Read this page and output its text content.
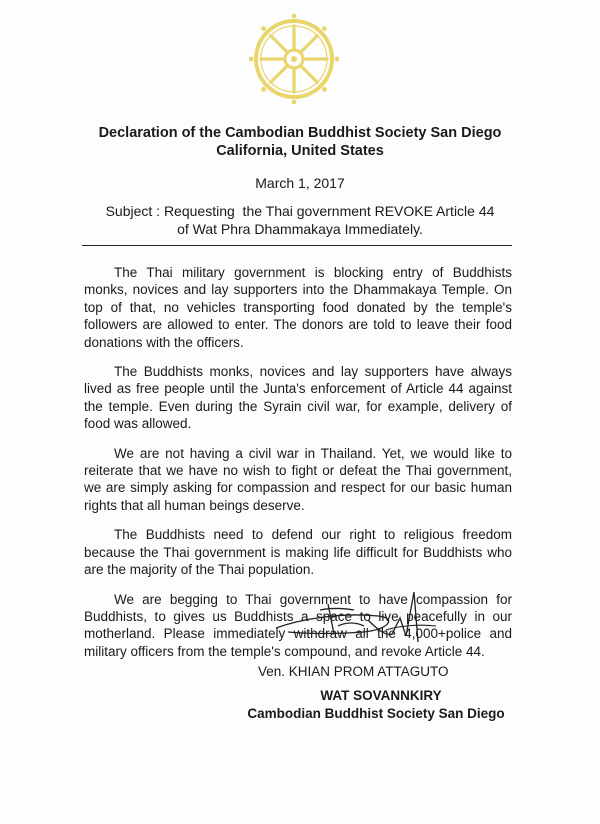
Declaration of the Cambodian Buddhist Society San Diego
California, United States
March 1, 2017
Subject : Requesting  the Thai government REVOKE Article 44
of Wat Phra Dhammakaya Immediately.

The Thai military government is blocking entry of Buddhists monks, novices and lay supporters into the Dhammakaya Temple. On top of that, no vehicles transporting food donated by the temple's followers are allowed to enter. The donors are told to leave their food donations with the officers.

The Buddhists monks, novices and lay supporters have always lived as free people until the Junta's enforcement of Article 44 against the temple. Even during the Syrain civil war, for example, delivery of food was allowed.

We are not having a civil war in Thailand. Yet, we would like to reiterate that we have no wish to fight or defeat the Thai government, we are simply asking for compassion and respect for our basic human rights that all human beings deserve.

The Buddhists need to defend our right to religious freedom because the Thai government is making life difficult for Buddhists who are the majority of the Thai population.

We are begging to Thai government to have compassion for Buddhists, to gives us Buddhists a space to live peacefully in our motherland. Please immediately withdraw all the 4,000+police and military officers from the temple's compound, and revoke Article 44.

Ven. KHIAN PROM ATTAGUTO
WAT SOVANNKIRY
Cambodian Buddhist Society San Diego
